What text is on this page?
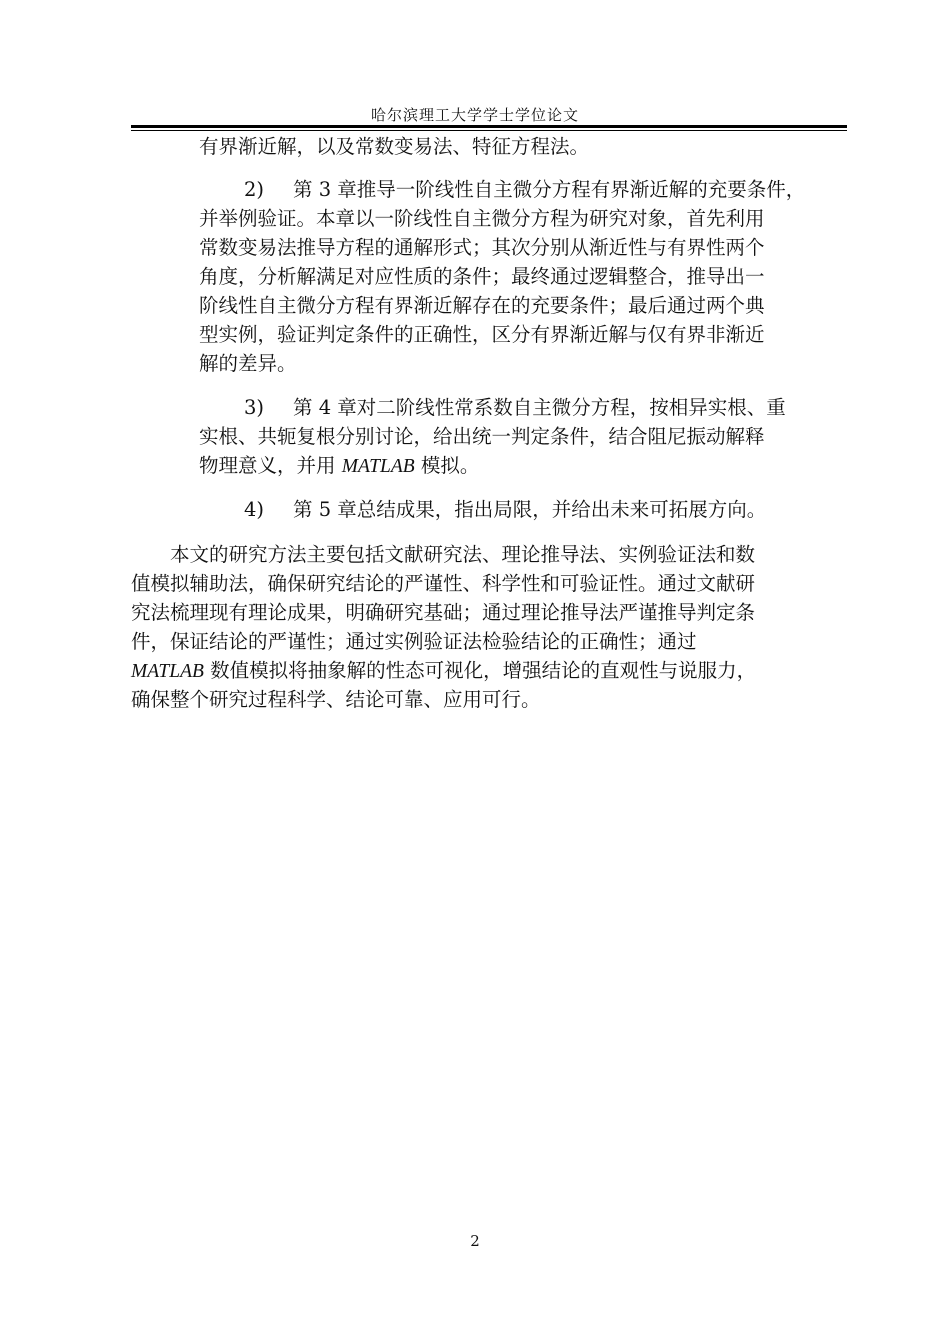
哈尔滨理工大学学士学位论文
有界渐近解，以及常数变易法、特征方程法。
2) 第 3 章推导一阶线性自主微分方程有界渐近解的充要条件，
并举例验证。本章以一阶线性自主微分方程为研究对象，首先利用
常数变易法推导方程的通解形式；其次分别从渐近性与有界性两个
角度，分析解满足对应性质的条件；最终通过逻辑整合，推导出一
阶线性自主微分方程有界渐近解存在的充要条件；最后通过两个典
型实例，验证判定条件的正确性，区分有界渐近解与仅有界非渐近
解的差异。
3) 第 4 章对二阶线性常系数自主微分方程，按相异实根、重
实根、共轭复根分别讨论，给出统一判定条件，结合阻尼振动解释
物理意义，并用 MATLAB 模拟。
4) 第 5 章总结成果，指出局限，并给出未来可拓展方向。
本文的研究方法主要包括文献研究法、理论推导法、实例验证法和数
值模拟辅助法，确保研究结论的严谨性、科学性和可验证性。通过文献研
究法梳理现有理论成果，明确研究基础；通过理论推导法严谨推导判定条
件，保证结论的严谨性；通过实例验证法检验结论的正确性；通过
MATLAB 数值模拟将抽象解的性态可视化，增强结论的直观性与说服力，
确保整个研究过程科学、结论可靠、应用可行。
2
